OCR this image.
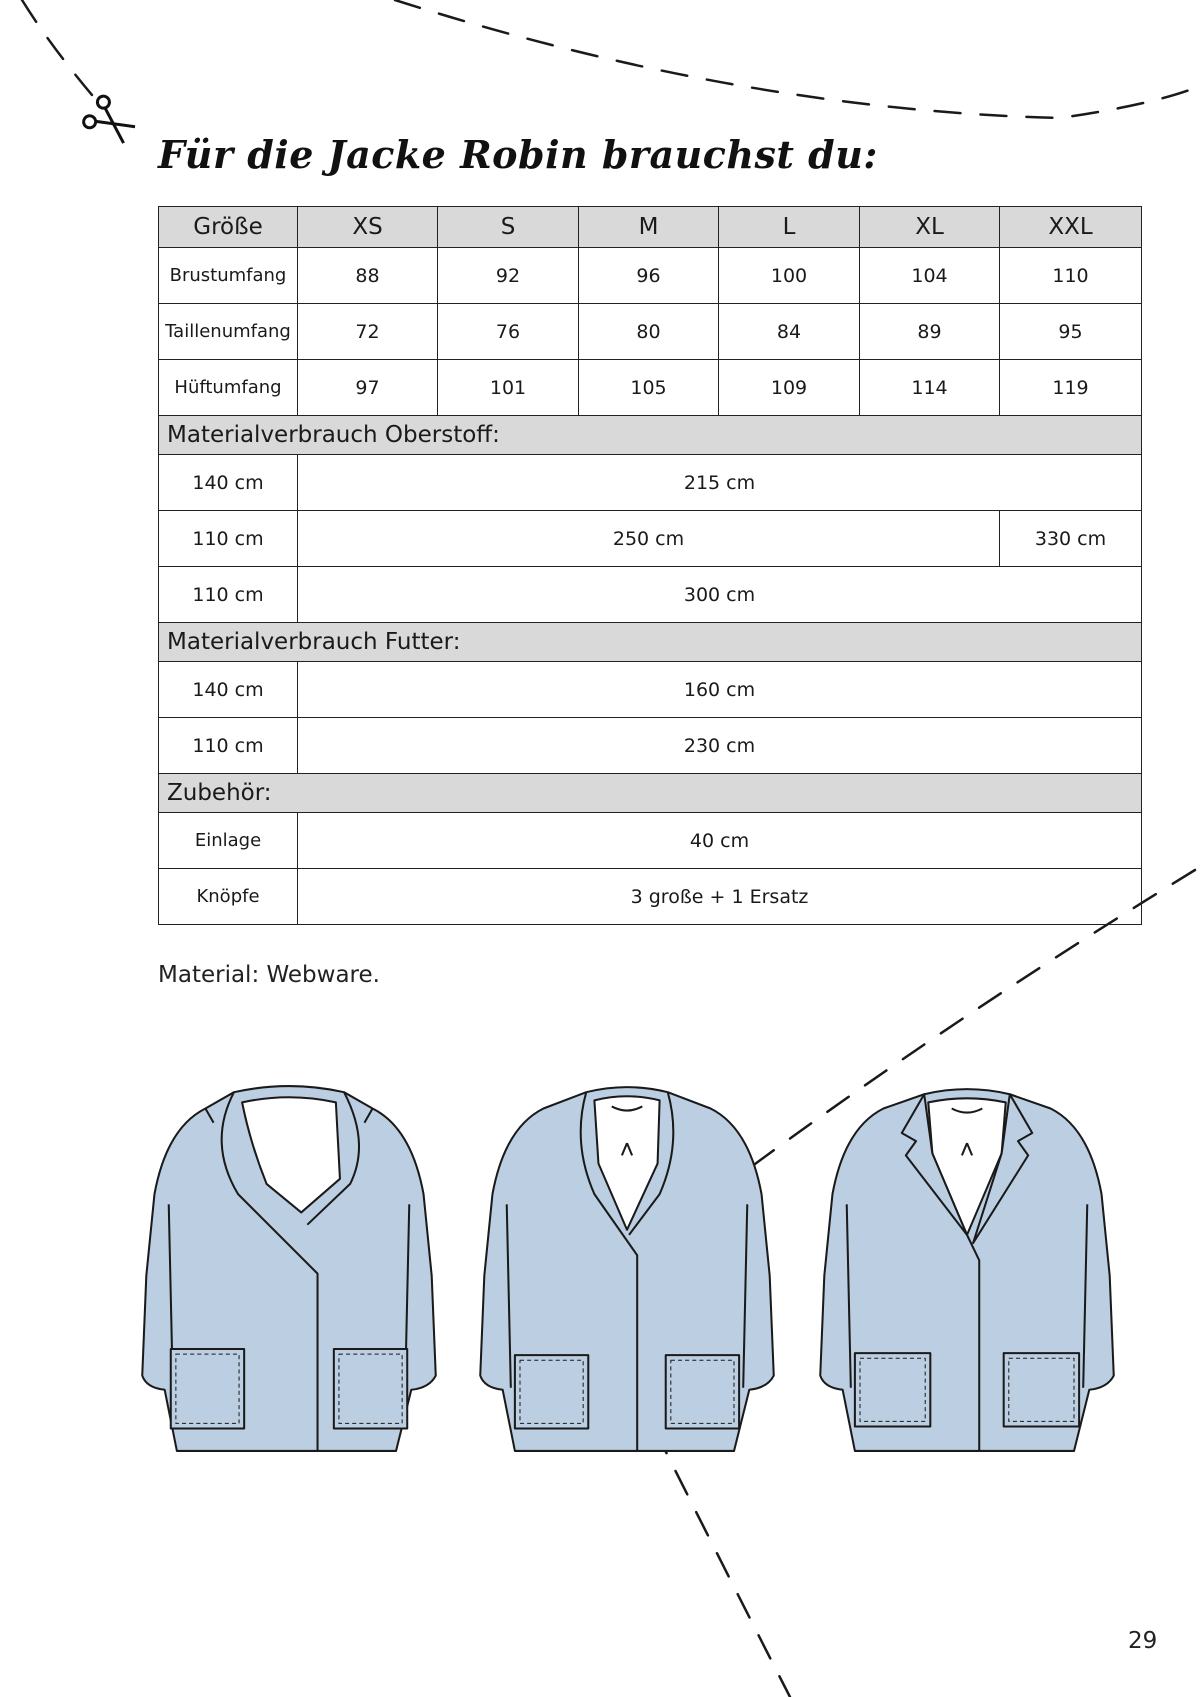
Für die Jacke Robin brauchst du:
Größe	XS	S	M	L	XL	XXL
Brustumfang	88	92	96	100	104	110
Taillenumfang	72	76	80	84	89	95
Hüftumfang	97	101	105	109	114	119
Materialverbrauch Oberstoff:						
140 cm	215 cm					
110 cm	250 cm					330 cm
110 cm	300 cm					
Materialverbrauch Futter:						
140 cm	160 cm					
110 cm	230 cm					
Zubehör:						
Einlage	40 cm					
Knöpfe	3 große + 1 Ersatz					
Material: Webware.
29
